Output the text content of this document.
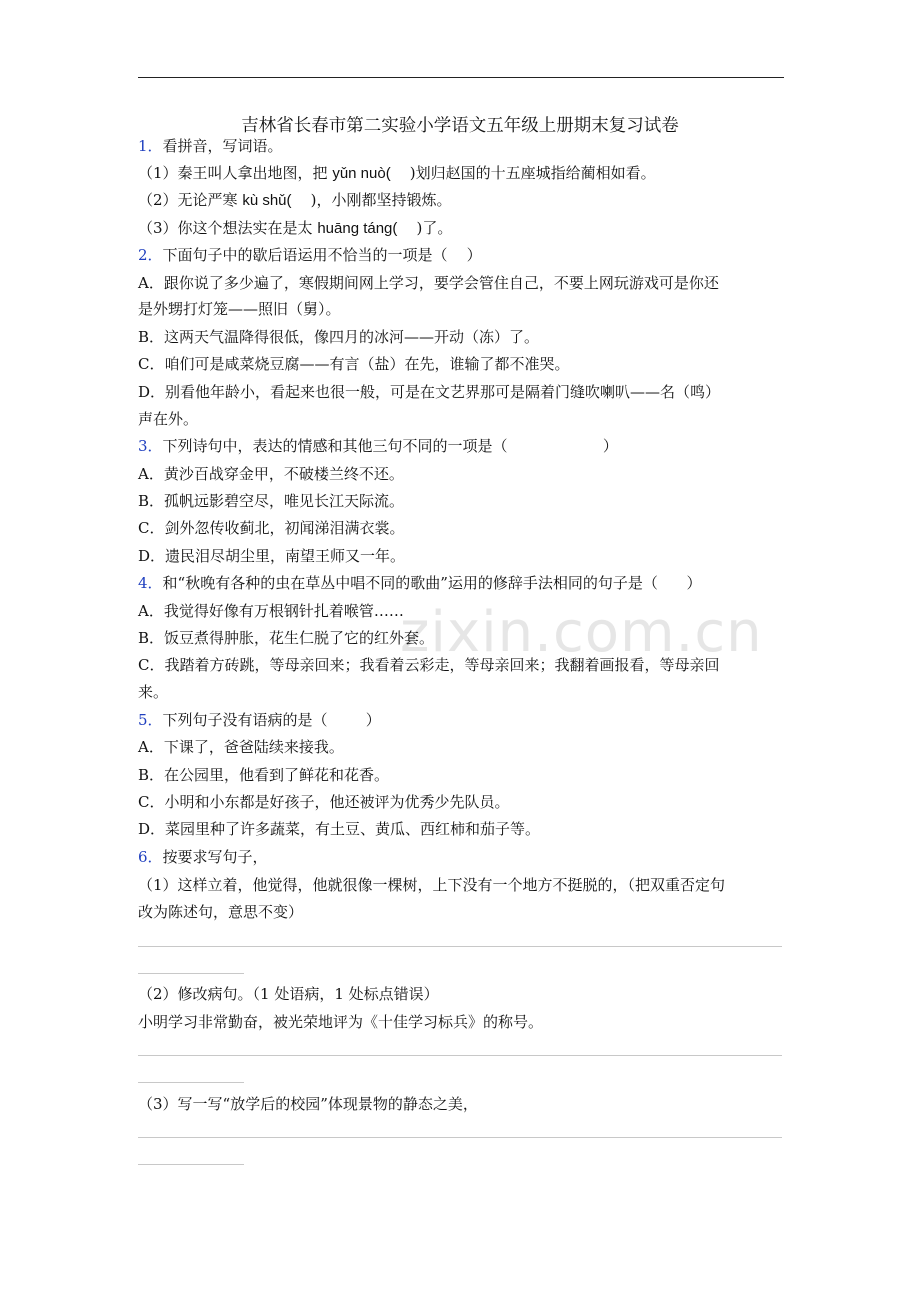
zixin.com.cn
吉林省长春市第二实验小学语文五年级上册期末复习试卷
1．看拼音，写词语。
（1）秦王叫人拿出地图，把 yǔn nuò(    )划归赵国的十五座城指给蔺相如看。
（2）无论严寒 kù shǔ(    )，小刚都坚持锻炼。
（3）你这个想法实在是太 huāng táng(    )了。
2．下面句子中的歇后语运用不恰当的一项是（    ）
A．跟你说了多少遍了，寒假期间网上学习，要学会管住自己，不要上网玩游戏可是你还
是外甥打灯笼——照旧（舅）。
B．这两天气温降得很低，像四月的冰河——开动（冻）了。
C．咱们可是咸菜烧豆腐——有言（盐）在先，谁输了都不准哭。
D．别看他年龄小，看起来也很一般，可是在文艺界那可是隔着门缝吹喇叭——名（鸣）
声在外。
3．下列诗句中，表达的情感和其他三句不同的一项是（                    ）
A．黄沙百战穿金甲，不破楼兰终不还。
B．孤帆远影碧空尽，唯见长江天际流。
C．剑外忽传收蓟北，初闻涕泪满衣裳。
D．遗民泪尽胡尘里，南望王师又一年。
4．和“秋晚有各种的虫在草丛中唱不同的歌曲”运用的修辞手法相同的句子是（      ）
A．我觉得好像有万根钢针扎着喉管……
B．饭豆煮得肿胀，花生仁脱了它的红外套。
C．我踏着方砖跳，等母亲回来；我看着云彩走，等母亲回来；我翻着画报看，等母亲回
来。
5．下列句子没有语病的是（        ）
A．下课了，爸爸陆续来接我。
B．在公园里，他看到了鲜花和花香。
C．小明和小东都是好孩子，他还被评为优秀少先队员。
D．菜园里种了许多蔬菜，有土豆、黄瓜、西红柿和茄子等。
6．按要求写句子，
（1）这样立着，他觉得，他就很像一棵树，上下没有一个地方不挺脱的，（把双重否定句
改为陈述句，意思不变）
（2）修改病句。（1 处语病，1 处标点错误）
小明学习非常勤奋，被光荣地评为《十佳学习标兵》的称号。
（3）写一写“放学后的校园”体现景物的静态之美，
